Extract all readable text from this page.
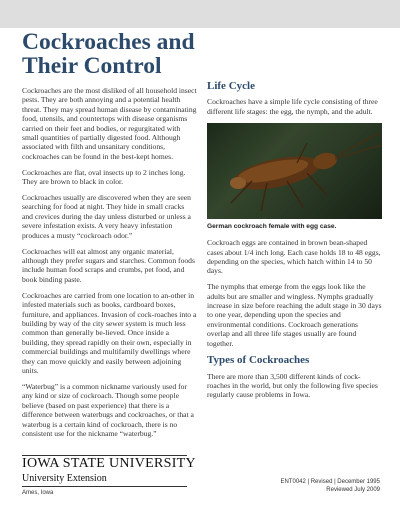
Cockroaches and
Their Control

Cockroaches are the most disliked of all household insect pests. They are both annoying and a potential health threat. They may spread human disease by contaminating food, utensils, and countertops with disease organisms carried on their feet and bodies, or regurgitated with small quantities of partially digested food. Although associated with filth and unsanitary conditions, cockroaches can be found in the best-kept homes.

Cockroaches are flat, oval insects up to 2 inches long. They are brown to black in color.

Cockroaches usually are discovered when they are seen searching for food at night. They hide in small cracks and crevices during the day unless disturbed or unless a severe infestation exists. A very heavy infestation produces a musty “cockroach odor.”

Cockroaches will eat almost any organic material, although they prefer sugars and starches. Common foods include human food scraps and crumbs, pet food, and book binding paste.

Cockroaches are carried from one location to an-other in infested materials such as books, cardboard boxes, furniture, and appliances. Invasion of cock-roaches into a building by way of the city sewer system is much less common than generally be-lieved. Once inside a building, they spread rapidly on their own, especially in commercial buildings and multifamily dwellings where they can move quickly and easily between adjoining units.

“Waterbug” is a common nickname variously used for any kind or size of cockroach. Though some people believe (based on past experience) that there is a difference between waterbugs and cockroaches, or that a waterbug is a certain kind of cockroach, there is no consistent use for the nickname “waterbug.”

Life Cycle

Cockroaches have a simple life cycle consisting of three different life stages: the egg, the nymph, and the adult.

German cockroach female with egg case.

Cockroach eggs are contained in brown bean-shaped cases about 1/4 inch long. Each case holds 18 to 48 eggs, depending on the species, which hatch within 14 to 50 days.

The nymphs that emerge from the eggs look like the adults but are smaller and wingless. Nymphs gradually increase in size before reaching the adult stage in 30 days to one year, depending upon the species and environmental conditions. Cockroach generations overlap and all three life stages usually are found together.

Types of Cockroaches

There are more than 3,500 different kinds of cock-roaches in the world, but only the following five species regularly cause problems in Iowa.

IOWA STATE UNIVERSITY
University Extension
Ames, Iowa
ENT0042 | Revised | December 1995
Reviewed July 2009
